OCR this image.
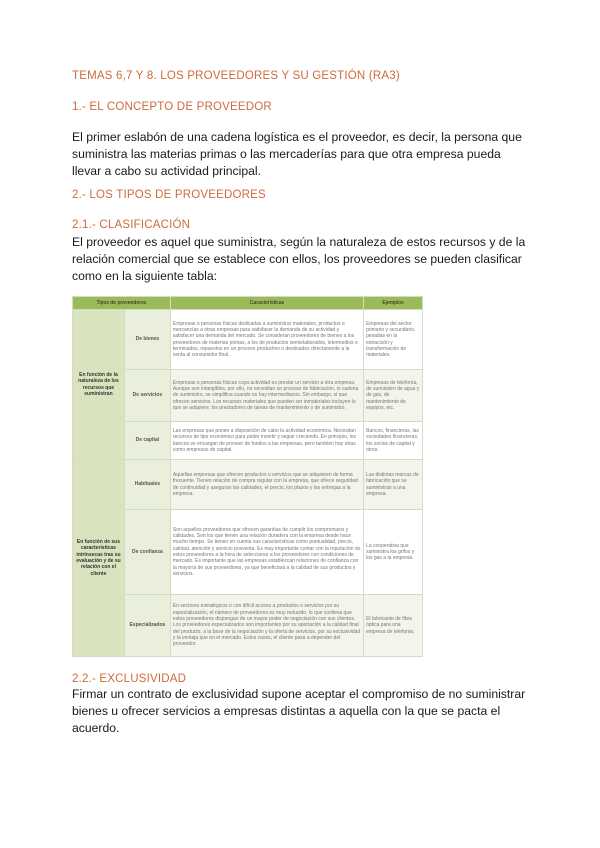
TEMAS 6,7 Y 8. LOS PROVEEDORES Y SU GESTIÓN (RA3)
1.- EL CONCEPTO DE PROVEEDOR
El primer eslabón de una cadena logística es el proveedor, es decir, la persona que suministra las materias primas o las mercaderías para que otra empresa pueda llevar a cabo su actividad principal.
2.- LOS TIPOS DE PROVEEDORES
2.1.- CLASIFICACIÓN
El proveedor es aquel que suministra, según la naturaleza de estos recursos y de la relación comercial que se establece con ellos, los proveedores se pueden clasificar como en la siguiente tabla:
Tipos de proveedores		Características	Ejemplos
En función de la naturaleza de los recursos que suministran	De bienes	Empresas o personas físicas dedicadas a suministrar materiales, productos o mercancías a otras empresas para satisfacer la demanda de su actividad y satisfacer una demanda del mercado. Se consideran proveedores de bienes a los proveedores de materias primas, a los de productos semielaborados, intermedios o terminados, repuestos en un proceso productivo o destinados directamente a la venta al consumidor final.	Empresas del sector primario y secundario, pesadas en la extracción y transformación de materiales.
	De servicios	Empresas o personas físicas cuya actividad es prestar un servicio a otra empresa. Aunque son intangibles, por ello, no necesitan un proceso de fabricación, ni cadena de suministro, se simplifica cuando no hay intermediarios. Sin embargo, sí que ofrecen servicios. Los recursos materiales que pueden ser inmateriales incluyen lo que se adquiere, los prestadores de tareas de mantenimiento o de suministro.	Empresas de telefonía, de suministro de agua y de gas, de mantenimiento de equipos, etc.
	De capital	Las empresas que ponen a disposición de cabo la actividad económica. Necesitan recursos de tipo económico para poder invertir y seguir creciendo. En principio, los bancos se encargan de proveer de fondos a las empresas, pero también hay otras como empresas de capital.	Bancos, financieras, las sociedades financieras, los socios de capital y otros.
En función de sus características intrínsecas tras su evaluación y de su relación con el cliente	Habituales	Aquellas empresas que ofrecen productos o servicios que se adquieren de forma frecuente. Tienen relación de compra regular con la empresa, que ofrece seguridad de continuidad y aseguran las calidades, el precio, los plazos y las entregas a la empresa.	Las distintas marcas de fabricación que se suministran a una empresa.
	De confianza	Son aquellos proveedores que ofrecen garantías de cumplir los compromisos y calidades. Son los que tienen una relación duradera con la empresa desde hace mucho tiempo. Se tienen en cuenta sus características como puntualidad, precio, calidad, atención y servicio posventa. Es muy importante contar con la reputación de estos proveedores a la hora de seleccionar a los proveedores con condiciones de mercado. Es importante que las empresas establezcan relaciones de confianza con la mayoría de sus proveedores, ya que beneficiará a la calidad de sus productos y servicios.	La cooperativa que suministra los grifos y los gas a la empresa.
	Especializados	En sectores estratégicos o con difícil acceso a productos o servicios por su especialización, el número de proveedores es muy reducido, lo que conlleva que estos proveedores dispongan de un mayor poder de negociación con sus clientes. Los proveedores especializados son importantes por su aportación a la calidad final del producto, a la base de la negociación y la oferta de servicios, por su exclusividad y la ventaja que en el mercado. Estos casos, el cliente pasa a depender del proveedor.	El fabricante de fibra óptica para una empresa de telefonía.
2.2.- EXCLUSIVIDAD
Firmar un contrato de exclusividad supone aceptar el compromiso de no suministrar bienes u ofrecer servicios a empresas distintas a aquella con la que se pacta el acuerdo.
